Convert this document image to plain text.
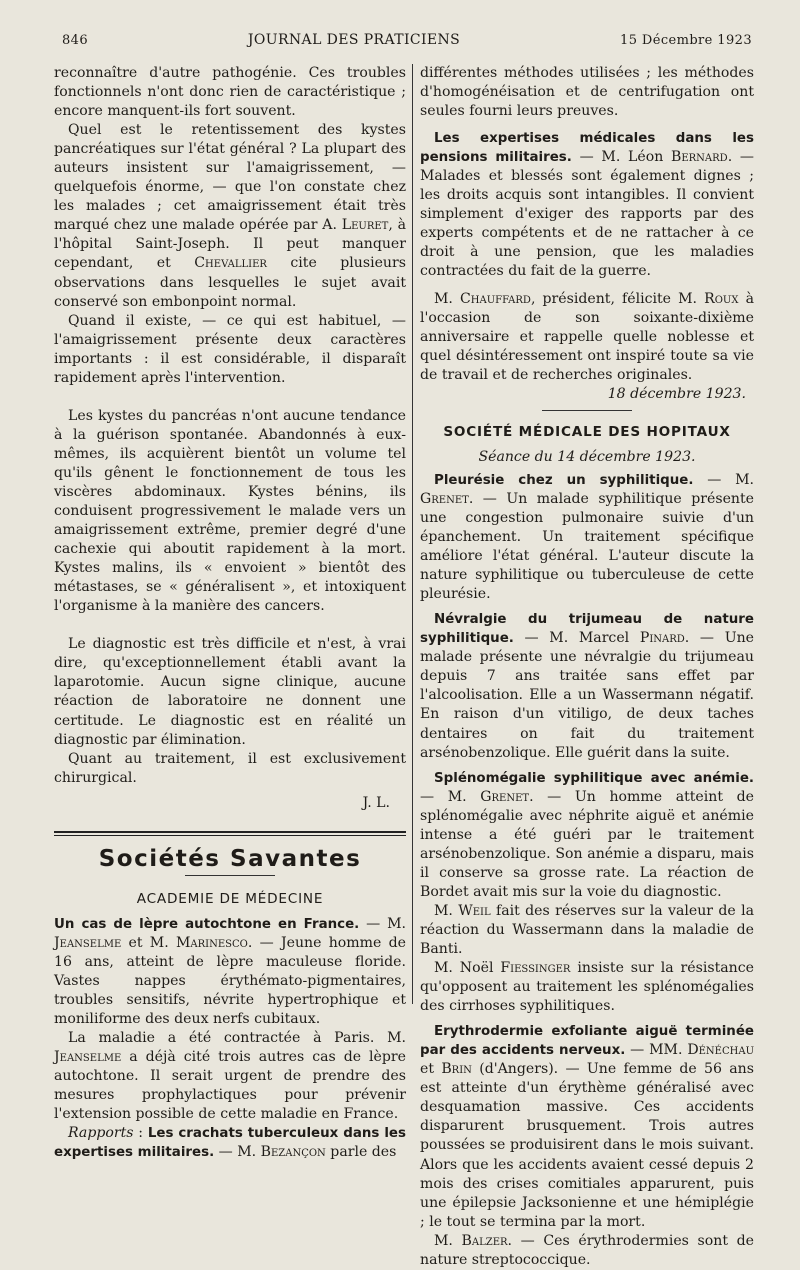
846	JOURNAL DES PRATICIENS	15 Décembre 1923

reconnaître d'autre pathogénie. Ces troubles fonctionnels n'ont donc rien de caractéristique ; encore manquent-ils fort souvent.

Quel est le retentissement des kystes pancréatiques sur l'état général ? La plupart des auteurs insistent sur l'amaigrissement, — quelquefois énorme, — que l'on constate chez les malades ; cet amaigrissement était très marqué chez une malade opérée par A. Leuret, à l'hôpital Saint-Joseph. Il peut manquer cependant, et Chevallier cite plusieurs observations dans lesquelles le sujet avait conservé son embonpoint normal.

Quand il existe, — ce qui est habituel, — l'amaigrissement présente deux caractères importants : il est considérable, il disparaît rapidement après l'intervention.

Les kystes du pancréas n'ont aucune tendance à la guérison spontanée. Abandonnés à eux-mêmes, ils acquièrent bientôt un volume tel qu'ils gênent le fonctionnement de tous les viscères abdominaux. Kystes bénins, ils conduisent progressivement le malade vers un amaigrissement extrême, premier degré d'une cachexie qui aboutit rapidement à la mort. Kystes malins, ils « envoient » bientôt des métastases, se « généralisent », et intoxiquent l'organisme à la manière des cancers.

Le diagnostic est très difficile et n'est, à vrai dire, qu'exceptionnellement établi avant la laparotomie. Aucun signe clinique, aucune réaction de laboratoire ne donnent une certitude. Le diagnostic est en réalité un diagnostic par élimination.

Quant au traitement, il est exclusivement chirurgical.

J. L.

Sociétés Savantes
ACADEMIE DE MÉDECINE

Un cas de lèpre autochtone en France. — M. Jeanselme et M. Marinesco. — Jeune homme de 16 ans, atteint de lèpre maculeuse floride. Vastes nappes érythémato-pigmentaires, troubles sensitifs, névrite hypertrophique et moniliforme des deux nerfs cubitaux.

La maladie a été contractée à Paris. M. Jeanselme a déjà cité trois autres cas de lèpre autochtone. Il serait urgent de prendre des mesures prophylactiques pour prévenir l'extension possible de cette maladie en France.

Rapports : Les crachats tuberculeux dans les expertises militaires. — M. Bezançon parle des

différentes méthodes utilisées ; les méthodes d'homogénéisation et de centrifugation ont seules fourni leurs preuves.

Les expertises médicales dans les pensions militaires. — M. Léon Bernard. — Malades et blessés sont également dignes ; les droits acquis sont intangibles. Il convient simplement d'exiger des rapports par des experts compétents et de ne rattacher à ce droit à une pension, que les maladies contractées du fait de la guerre.

M. Chauffard, président, félicite M. Roux à l'occasion de son soixante-dixième anniversaire et rappelle quelle noblesse et quel désintéressement ont inspiré toute sa vie de travail et de recherches originales.

18 décembre 1923.

SOCIÉTÉ MÉDICALE DES HOPITAUX
Séance du 14 décembre 1923.

Pleurésie chez un syphilitique. — M. Grenet. — Un malade syphilitique présente une congestion pulmonaire suivie d'un épanchement. Un traitement spécifique améliore l'état général. L'auteur discute la nature syphilitique ou tuberculeuse de cette pleurésie.

Névralgie du trijumeau de nature syphilitique. — M. Marcel Pinard. — Une malade présente une névralgie du trijumeau depuis 7 ans traitée sans effet par l'alcoolisation. Elle a un Wassermann négatif. En raison d'un vitiligo, de deux taches dentaires on fait du traitement arsénobenzolique. Elle guérit dans la suite.

Splénomégalie syphilitique avec anémie. — M. Grenet. — Un homme atteint de splénomégalie avec néphrite aiguë et anémie intense a été guéri par le traitement arsénobenzolique. Son anémie a disparu, mais il conserve sa grosse rate. La réaction de Bordet avait mis sur la voie du diagnostic.

M. Weil fait des réserves sur la valeur de la réaction du Wassermann dans la maladie de Banti.

M. Noël Fiessinger insiste sur la résistance qu'opposent au traitement les splénomégalies des cirrhoses syphilitiques.

Erythrodermie exfoliante aiguë terminée par des accidents nerveux. — MM. Dénéchau et Brin (d'Angers). — Une femme de 56 ans est atteinte d'un érythème généralisé avec desquamation massive. Ces accidents disparurent brusquement. Trois autres poussées se produisirent dans le mois suivant. Alors que les accidents avaient cessé depuis 2 mois des crises comitiales apparurent, puis une épilepsie Jacksonienne et une hémiplégie ; le tout se termina par la mort.

M. Balzer. — Ces érythrodermies sont de nature streptococcique.
